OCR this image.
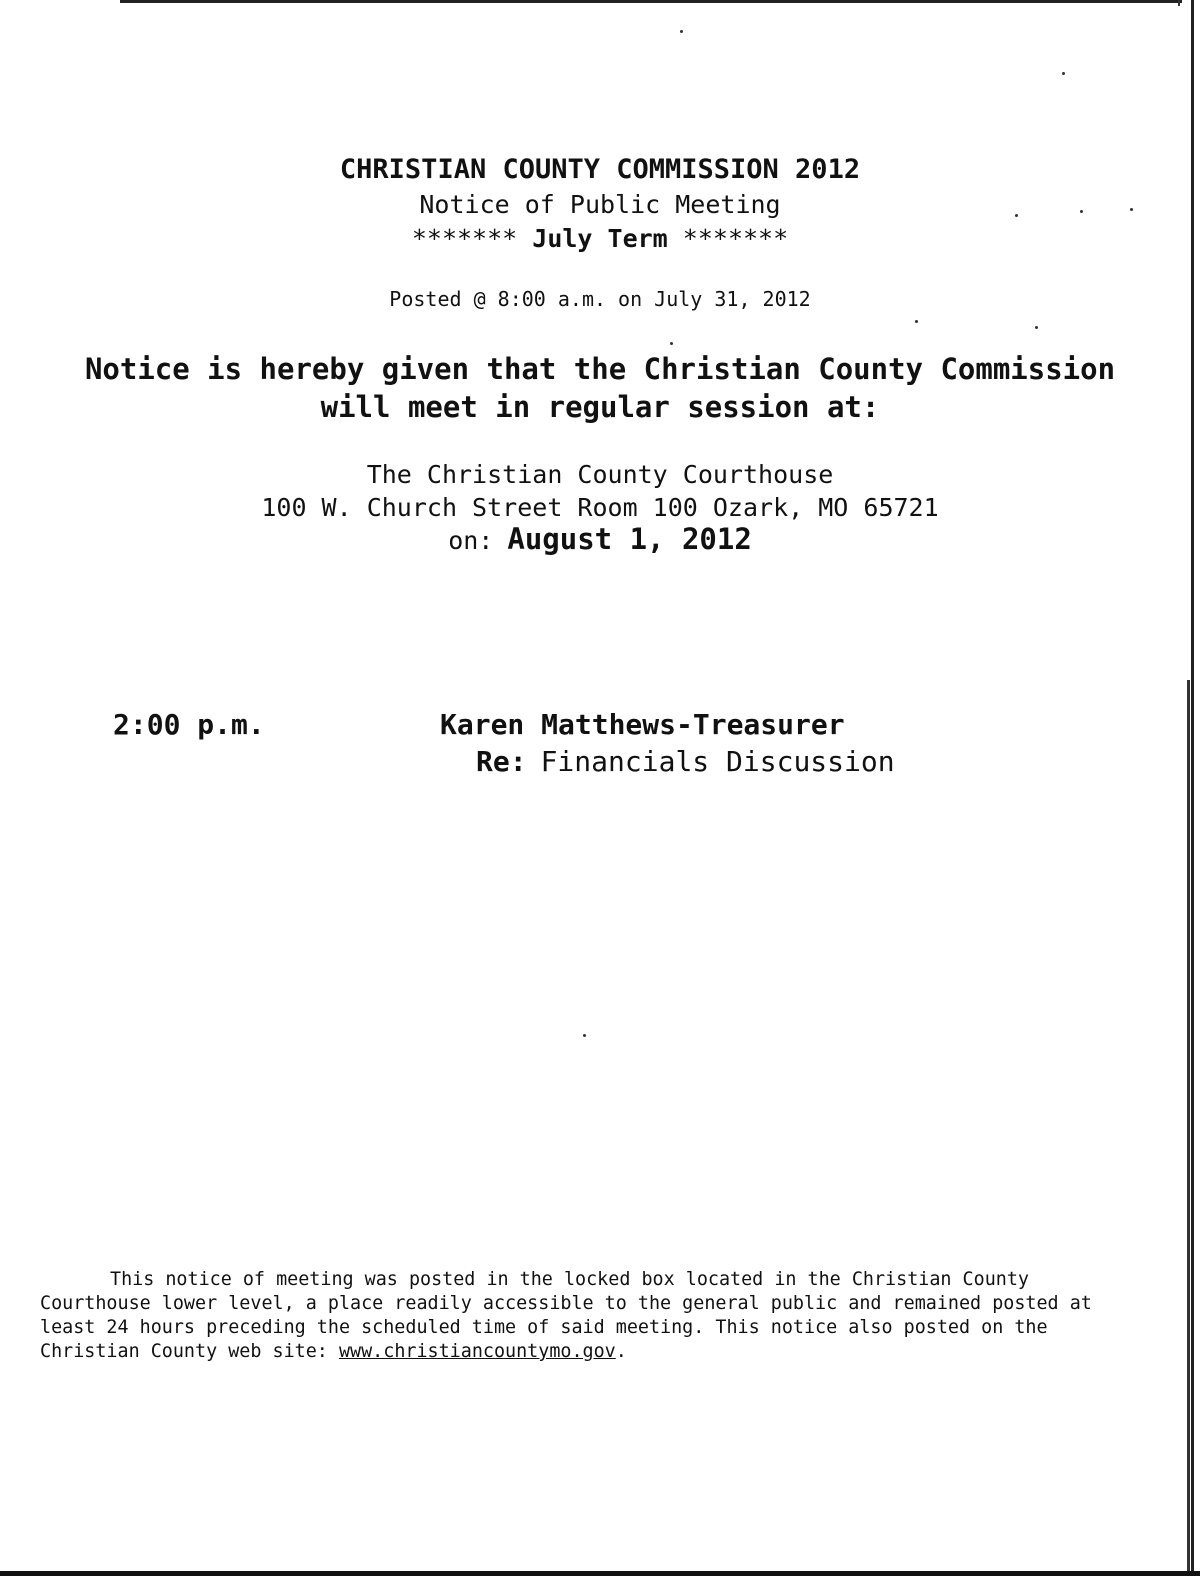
CHRISTIAN COUNTY COMMISSION 2012
Notice of Public Meeting
******* July Term *******
Posted @ 8:00 a.m. on July 31, 2012
Notice is hereby given that the Christian County Commission
will meet in regular session at:
The Christian County Courthouse
100 W. Church Street Room 100 Ozark, MO 65721
on: August 1, 2012
2:00 p.m.	Karen Matthews-Treasurer
Re: Financials Discussion
This notice of meeting was posted in the locked box located in the Christian County Courthouse lower level, a place readily accessible to the general public and remained posted at least 24 hours preceding the scheduled time of said meeting. This notice also posted on the Christian County web site: www.christiancountymo.gov.
